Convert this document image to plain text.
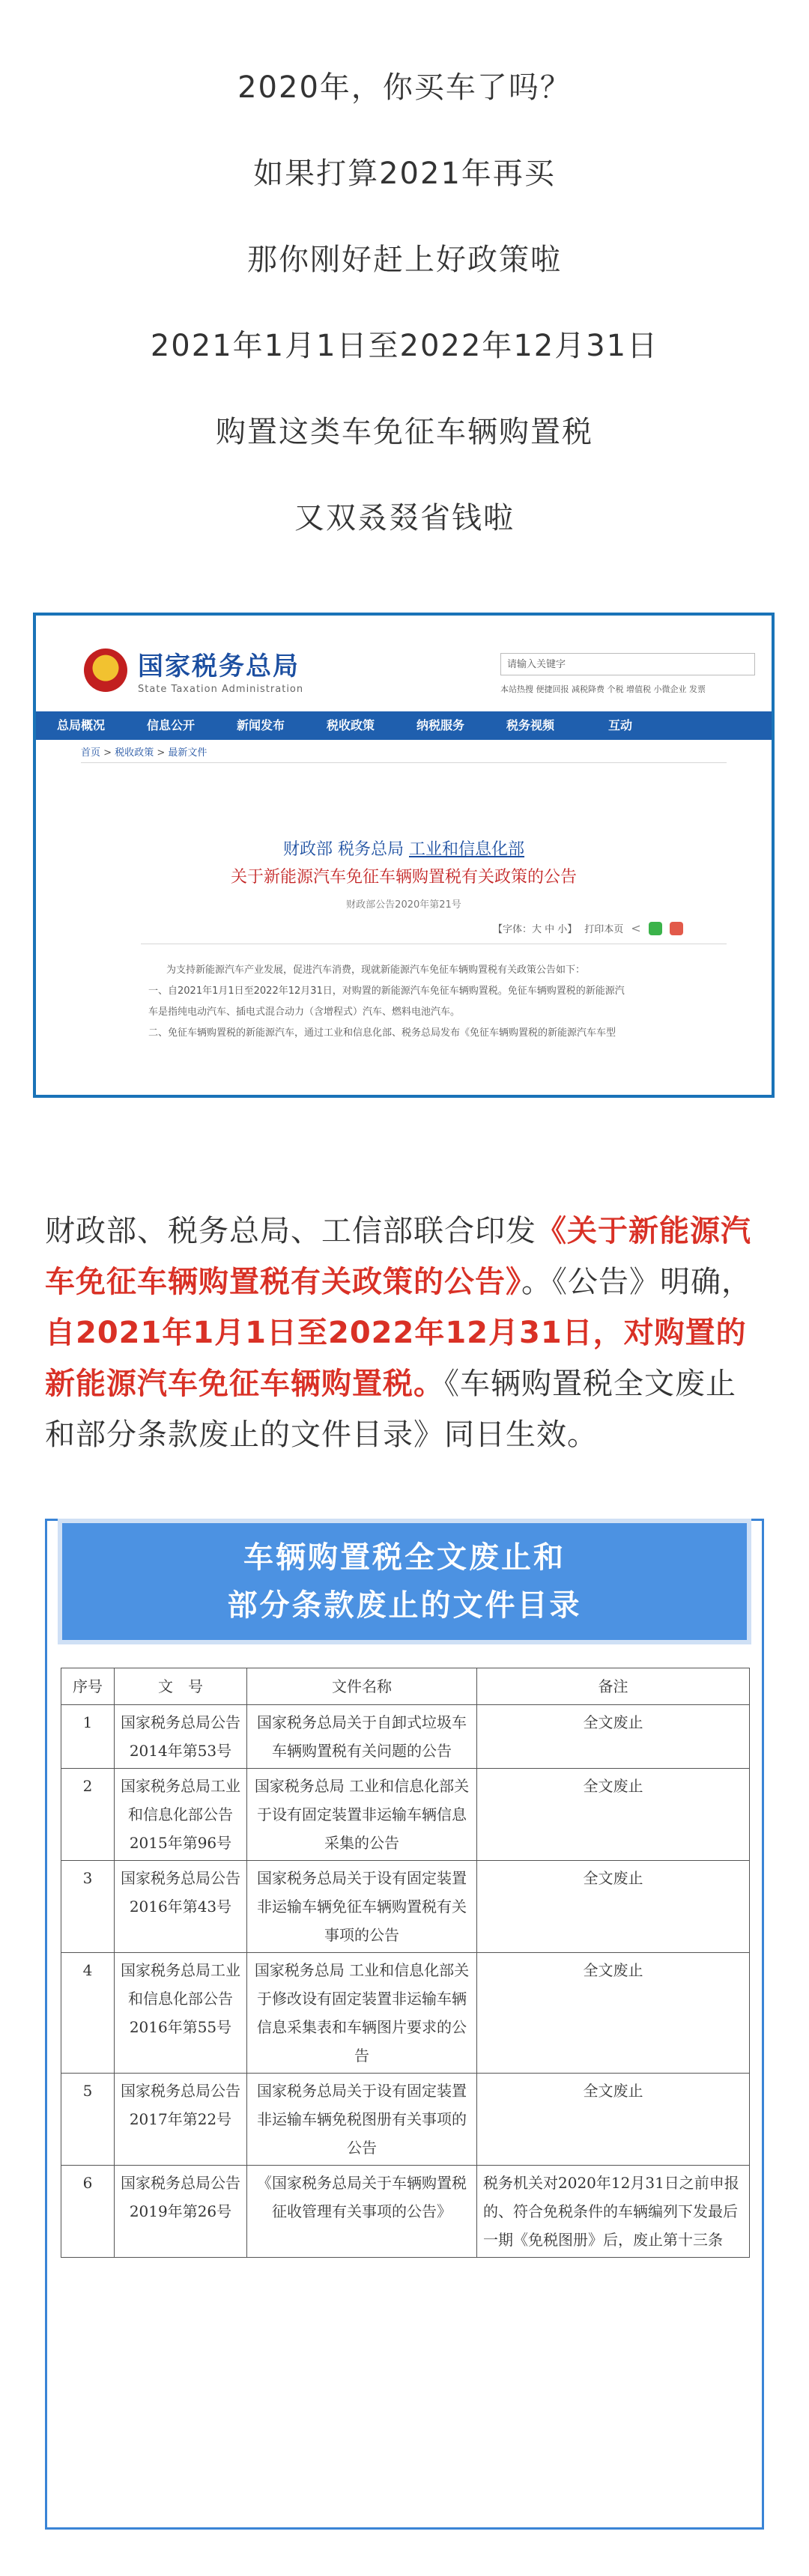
2020年，你买车了吗？

如果打算2021年再买

那你刚好赶上好政策啦

2021年1月1日至2022年12月31日

购置这类车免征车辆购置税

又双叒叕省钱啦

★
国家税务总局
State Taxation Administration
请输入关键字
本站热搜 便捷回报 减税降费 个税 增值税 小微企业 发票
总局概况	信息公开	新闻发布	税收政策	纳税服务	税务视频	互动
首页 > 税收政策 > 最新文件
财政部 税务总局 工业和信息化部
关于新能源汽车免征车辆购置税有关政策的公告
财政部公告2020年第21号
【字体：大 中 小】 打印本页 <

为支持新能源汽车产业发展，促进汽车消费，现就新能源汽车免征车辆购置税有关政策公告如下：

一、自2021年1月1日至2022年12月31日，对购置的新能源汽车免征车辆购置税。免征车辆购置税的新能源汽

车是指纯电动汽车、插电式混合动力（含增程式）汽车、燃料电池汽车。

二、免征车辆购置税的新能源汽车，通过工业和信息化部、税务总局发布《免征车辆购置税的新能源汽车车型

财政部、税务总局、工信部联合印发《关于新能源汽车免征车辆购置税有关政策的公告》。《公告》明确，自2021年1月1日至2022年12月31日，对购置的新能源汽车免征车辆购置税。《车辆购置税全文废止和部分条款废止的文件目录》同日生效。
车辆购置税全文废止和
部分条款废止的文件目录
序号	文　号	文件名称	备注
1	国家税务总局公告2014年第53号	国家税务总局关于自卸式垃圾车车辆购置税有关问题的公告	全文废止
2	国家税务总局工业和信息化部公告2015年第96号	国家税务总局 工业和信息化部关于设有固定装置非运输车辆信息采集的公告	全文废止
3	国家税务总局公告2016年第43号	国家税务总局关于设有固定装置非运输车辆免征车辆购置税有关事项的公告	全文废止
4	国家税务总局工业和信息化部公告2016年第55号	国家税务总局 工业和信息化部关于修改设有固定装置非运输车辆信息采集表和车辆图片要求的公告	全文废止
5	国家税务总局公告2017年第22号	国家税务总局关于设有固定装置非运输车辆免税图册有关事项的公告	全文废止
6	国家税务总局公告2019年第26号	《国家税务总局关于车辆购置税征收管理有关事项的公告》	税务机关对2020年12月31日之前申报的、符合免税条件的车辆编列下发最后一期《免税图册》后，废止第十三条
